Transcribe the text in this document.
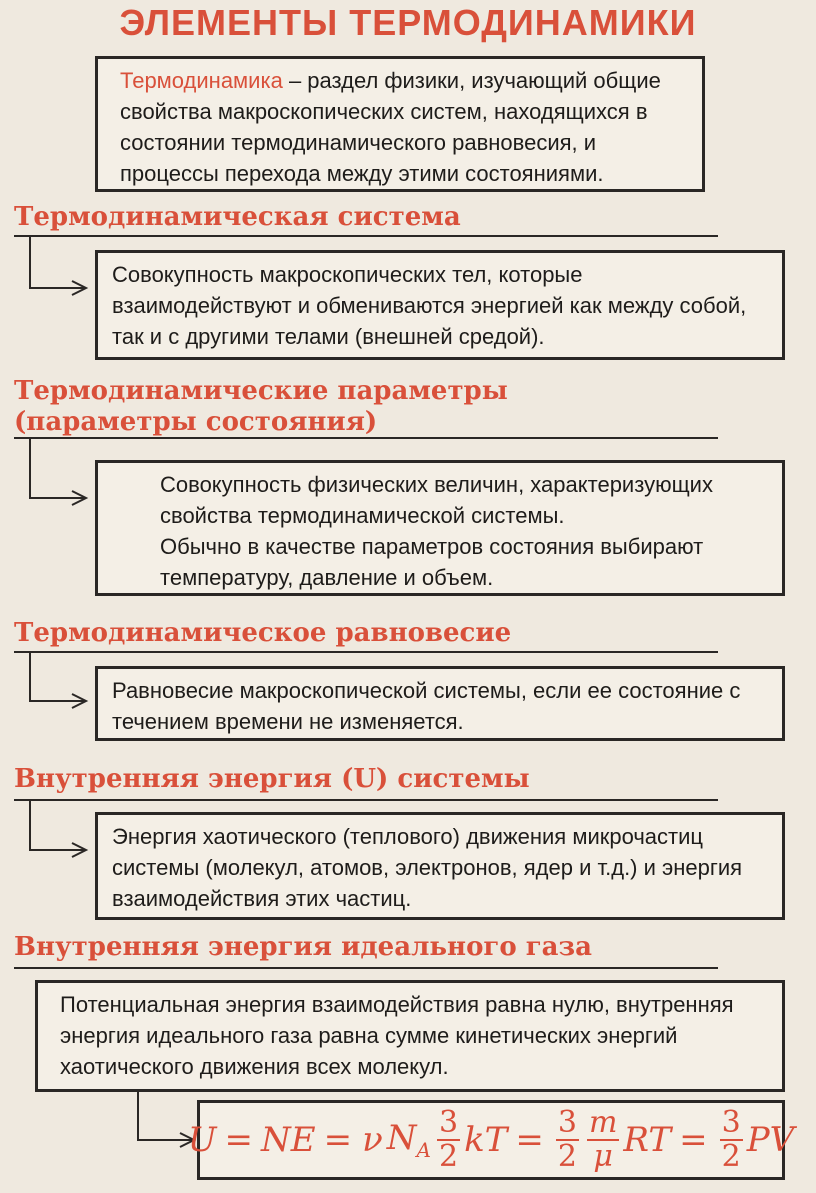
ЭЛЕМЕНТЫ ТЕРМОДИНАМИКИ

Термодинамика – раздел физики, изучающий общие свойства макроскопических систем, находящихся в состоянии термодинамического равновесия, и процессы перехода между этими состояниями.

Термодинамическая система

Совокупность макроскопических тел, которые взаимодействуют и обмениваются энергией как между собой, так и с другими телами (внешней средой).

Термодинамические параметры (параметры состояния)

Совокупность физических величин, характеризующих свойства термодинамической системы.

Обычно в качестве параметров состояния выбирают температуру, давление и объем.

Термодинамическое равновесие

Равновесие макроскопической системы, если ее состояние с течением времени не изменяется.

Внутренняя энергия (U) системы

Энергия хаотического (теплового) движения микрочастиц системы (молекул, атомов, электронов, ядер и т.д.) и энергия взаимодействия этих частиц.

Внутренняя энергия идеального газа

Потенциальная энергия взаимодействия равна нулю, внутренняя энергия идеального газа равна сумме кинетических энергий хаотического движения всех молекул.

U = N E = ν $N_A \frac{3}{2}$ kT = $\frac{3}{2} \frac{m}{\mu}$ RT = $\frac{3}{2}$ PV
